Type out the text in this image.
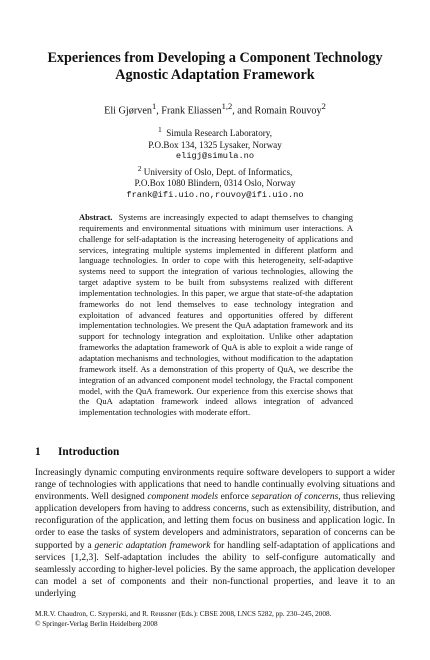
Experiences from Developing a Component Technology
Agnostic Adaptation Framework
Eli Gjørven$^1$, Frank Eliassen$^{1,2}$, and Romain Rouvoy$^2$
$^1$ Simula Research Laboratory,
P.O.Box 134, 1325 Lysaker, Norway
eligj@simula.no
$^2$ University of Oslo, Dept. of Informatics,
P.O.Box 1080 Blindern, 0314 Oslo, Norway
frank@ifi.uio.no,rouvoy@ifi.uio.no
Abstract. Systems are increasingly expected to adapt themselves to changing requirements and environmental situations with minimum user interactions. A challenge for self-adaptation is the increasing heterogeneity of applications and services, integrating multiple systems implemented in different platform and language technologies. In order to cope with this heterogeneity, self-adaptive systems need to support the integration of various technologies, allowing the target adaptive system to be built from subsystems realized with different implementation technologies. In this paper, we argue that state-of-the adaptation frameworks do not lend themselves to ease technology integration and exploitation of advanced features and opportunities offered by different implementation technologies. We present the QuA adaptation framework and its support for technology integration and exploitation. Unlike other adaptation frameworks the adaptation framework of QuA is able to exploit a wide range of adaptation mechanisms and technologies, without modification to the adaptation framework itself. As a demonstration of this property of QuA, we describe the integration of an advanced component model technology, the Fractal component model, with the QuA framework. Our experience from this exercise shows that the QuA adaptation framework indeed allows integration of advanced implementation technologies with moderate effort.
1 Introduction
Increasingly dynamic computing environments require software developers to support a wider range of technologies with applications that need to handle continually evolving situations and environments. Well designed component models enforce separation of concerns, thus relieving application developers from having to address concerns, such as extensibility, distribution, and reconfiguration of the application, and letting them focus on business and application logic. In order to ease the tasks of system developers and administrators, separation of concerns can be supported by a generic adaptation framework for handling self-adaptation of applications and services [1,2,3]. Self-adaptation includes the ability to self-configure automatically and seamlessly according to higher-level policies. By the same approach, the application developer can model a set of components and their non-functional properties, and leave it to an underlying
M.R.V. Chaudron, C. Szyperski, and R. Reussner (Eds.): CBSE 2008, LNCS 5282, pp. 230–245, 2008.
© Springer-Verlag Berlin Heidelberg 2008
